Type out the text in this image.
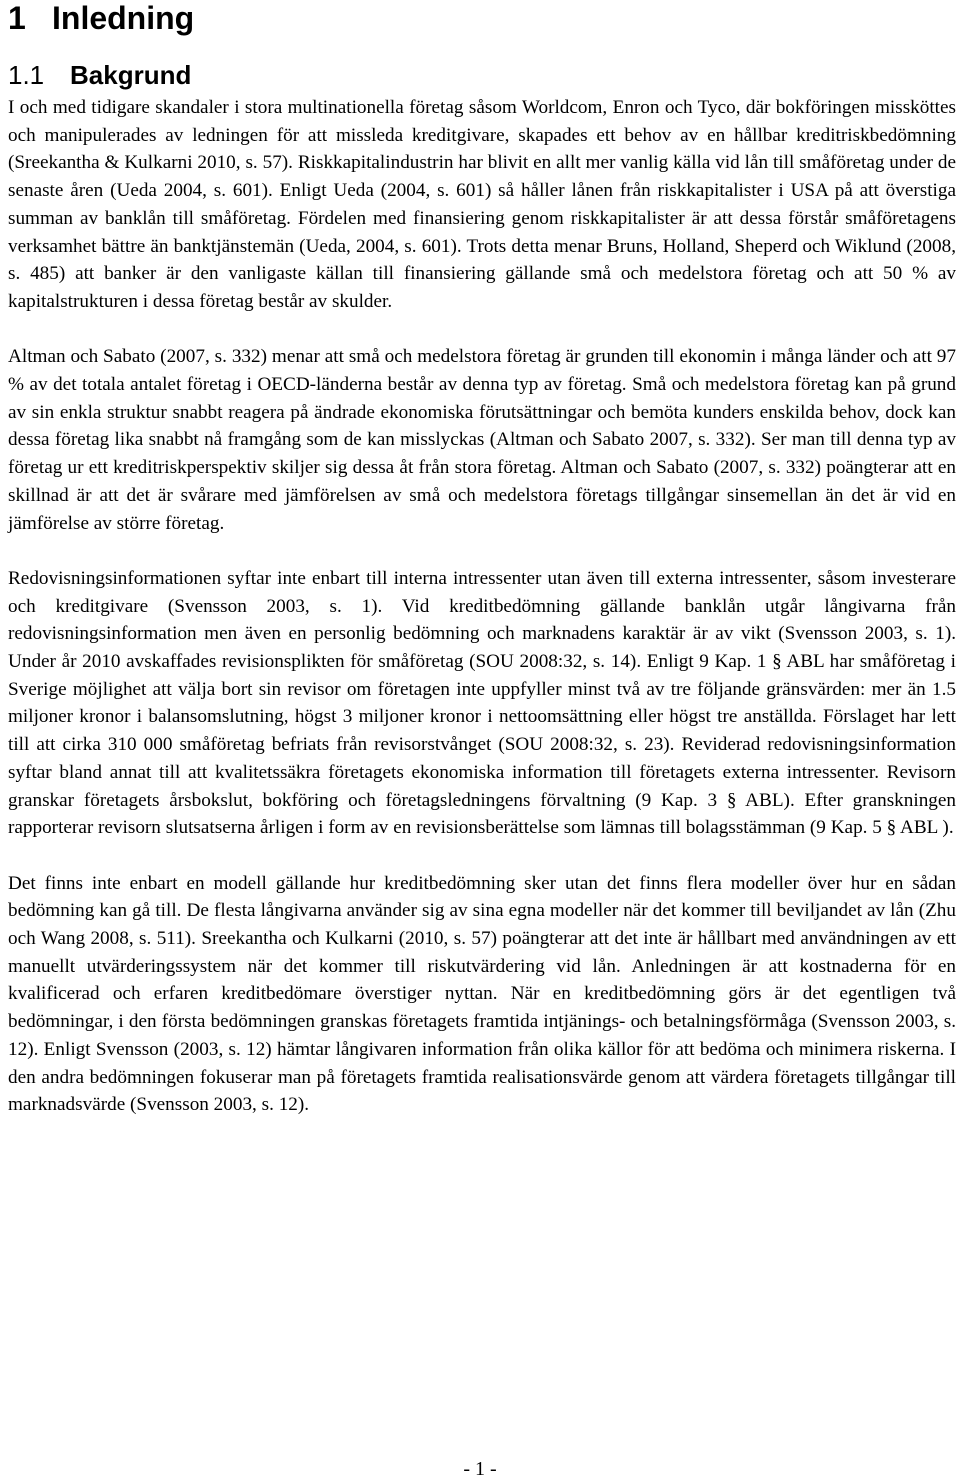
1 Inledning
1.1 Bakgrund

I och med tidigare skandaler i stora multinationella företag såsom Worldcom, Enron och Tyco, där bokföringen missköttes och manipulerades av ledningen för att missleda kreditgivare, skapades ett behov av en hållbar kreditriskbedömning (Sreekantha & Kulkarni 2010, s. 57). Riskkapitalindustrin har blivit en allt mer vanlig källa vid lån till småföretag under de senaste åren (Ueda 2004, s. 601). Enligt Ueda (2004, s. 601) så håller lånen från riskkapitalister i USA på att överstiga summan av banklån till småföretag. Fördelen med finansiering genom riskkapitalister är att dessa förstår småföretagens verksamhet bättre än banktjänstemän (Ueda, 2004, s. 601). Trots detta menar Bruns, Holland, Sheperd och Wiklund (2008, s. 485) att banker är den vanligaste källan till finansiering gällande små och medelstora företag och att 50 % av kapitalstrukturen i dessa företag består av skulder.

Altman och Sabato (2007, s. 332) menar att små och medelstora företag är grunden till ekonomin i många länder och att 97 % av det totala antalet företag i OECD-länderna består av denna typ av företag. Små och medelstora företag kan på grund av sin enkla struktur snabbt reagera på ändrade ekonomiska förutsättningar och bemöta kunders enskilda behov, dock kan dessa företag lika snabbt nå framgång som de kan misslyckas (Altman och Sabato 2007, s. 332). Ser man till denna typ av företag ur ett kreditriskperspektiv skiljer sig dessa åt från stora företag. Altman och Sabato (2007, s. 332) poängterar att en skillnad är att det är svårare med jämförelsen av små och medelstora företags tillgångar sinsemellan än det är vid en jämförelse av större företag.

Redovisningsinformationen syftar inte enbart till interna intressenter utan även till externa intressenter, såsom investerare och kreditgivare (Svensson 2003, s. 1). Vid kreditbedömning gällande banklån utgår långivarna från redovisningsinformation men även en personlig bedömning och marknadens karaktär är av vikt (Svensson 2003, s. 1). Under år 2010 avskaffades revisionsplikten för småföretag (SOU 2008:32, s. 14). Enligt 9 Kap. 1 § ABL har småföretag i Sverige möjlighet att välja bort sin revisor om företagen inte uppfyller minst två av tre följande gränsvärden: mer än 1.5 miljoner kronor i balansomslutning, högst 3 miljoner kronor i nettoomsättning eller högst tre anställda. Förslaget har lett till att cirka 310 000 småföretag befriats från revisorstvånget (SOU 2008:32, s. 23). Reviderad redovisningsinformation syftar bland annat till att kvalitetssäkra företagets ekonomiska information till företagets externa intressenter. Revisorn granskar företagets årsbokslut, bokföring och företagsledningens förvaltning (9 Kap. 3 § ABL). Efter granskningen rapporterar revisorn slutsatserna årligen i form av en revisionsberättelse som lämnas till bolagsstämman (9 Kap. 5 § ABL ).

Det finns inte enbart en modell gällande hur kreditbedömning sker utan det finns flera modeller över hur en sådan bedömning kan gå till. De flesta långivarna använder sig av sina egna modeller när det kommer till beviljandet av lån (Zhu och Wang 2008, s. 511). Sreekantha och Kulkarni (2010, s. 57) poängterar att det inte är hållbart med användningen av ett manuellt utvärderingssystem när det kommer till riskutvärdering vid lån. Anledningen är att kostnaderna för en kvalificerad och erfaren kreditbedömare överstiger nyttan. När en kreditbedömning görs är det egentligen två bedömningar, i den första bedömningen granskas företagets framtida intjänings- och betalningsförmåga (Svensson 2003, s. 12). Enligt Svensson (2003, s. 12) hämtar långivaren information från olika källor för att bedöma och minimera riskerna. I den andra bedömningen fokuserar man på företagets framtida realisationsvärde genom att värdera företagets tillgångar till marknadsvärde (Svensson 2003, s. 12).

- 1 -
